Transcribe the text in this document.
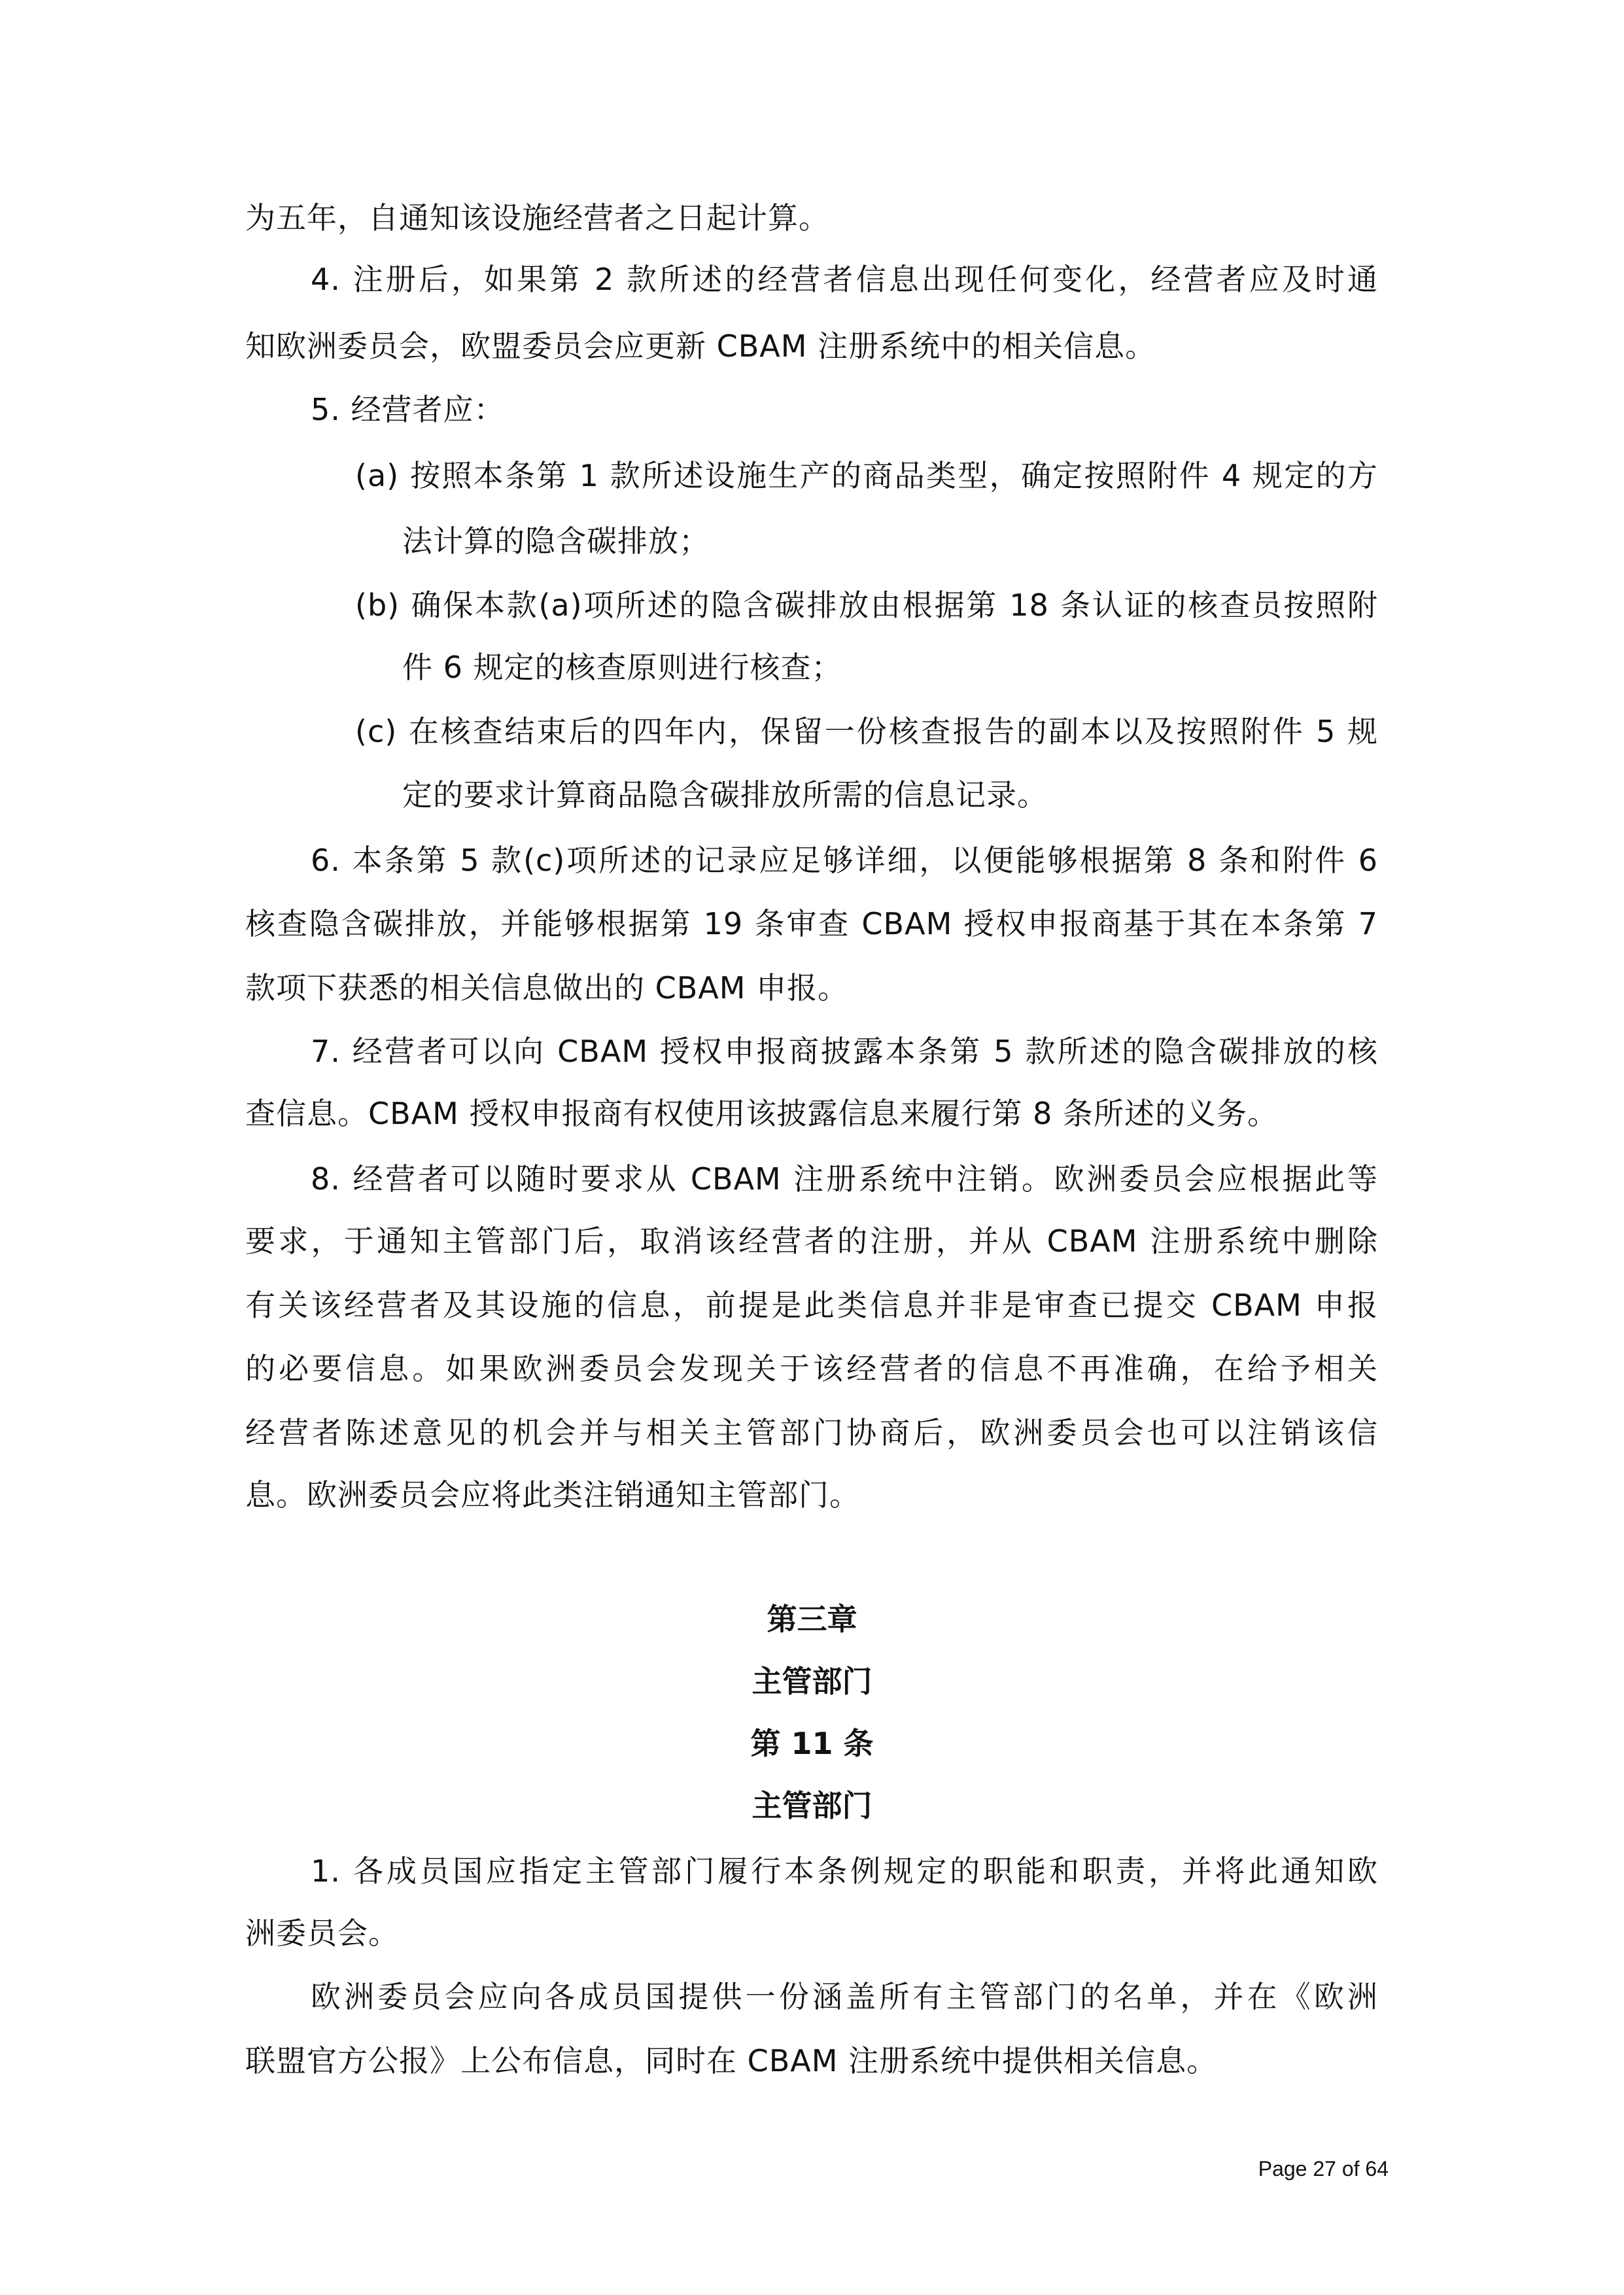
为五年，自通知该设施经营者之日起计算。
4. 注册后，如果第 2 款所述的经营者信息出现任何变化，经营者应及时通
知欧洲委员会，欧盟委员会应更新 CBAM 注册系统中的相关信息。
5. 经营者应：
(a) 按照本条第 1 款所述设施生产的商品类型，确定按照附件 4 规定的方
法计算的隐含碳排放；
(b) 确保本款(a)项所述的隐含碳排放由根据第 18 条认证的核查员按照附
件 6 规定的核查原则进行核查；
(c) 在核查结束后的四年内，保留一份核查报告的副本以及按照附件 5 规
定的要求计算商品隐含碳排放所需的信息记录。
6. 本条第 5 款(c)项所述的记录应足够详细，以便能够根据第 8 条和附件 6
核查隐含碳排放，并能够根据第 19 条审查 CBAM 授权申报商基于其在本条第 7
款项下获悉的相关信息做出的 CBAM 申报。
7. 经营者可以向 CBAM 授权申报商披露本条第 5 款所述的隐含碳排放的核
查信息。CBAM 授权申报商有权使用该披露信息来履行第 8 条所述的义务。
8. 经营者可以随时要求从 CBAM 注册系统中注销。欧洲委员会应根据此等
要求，于通知主管部门后，取消该经营者的注册，并从 CBAM 注册系统中删除
有关该经营者及其设施的信息，前提是此类信息并非是审查已提交 CBAM 申报
的必要信息。如果欧洲委员会发现关于该经营者的信息不再准确，在给予相关
经营者陈述意见的机会并与相关主管部门协商后，欧洲委员会也可以注销该信
息。欧洲委员会应将此类注销通知主管部门。
第三章
主管部门
第 11 条
主管部门
1. 各成员国应指定主管部门履行本条例规定的职能和职责，并将此通知欧
洲委员会。
欧洲委员会应向各成员国提供一份涵盖所有主管部门的名单，并在《欧洲
联盟官方公报》上公布信息，同时在 CBAM 注册系统中提供相关信息。
Page 27 of 64
